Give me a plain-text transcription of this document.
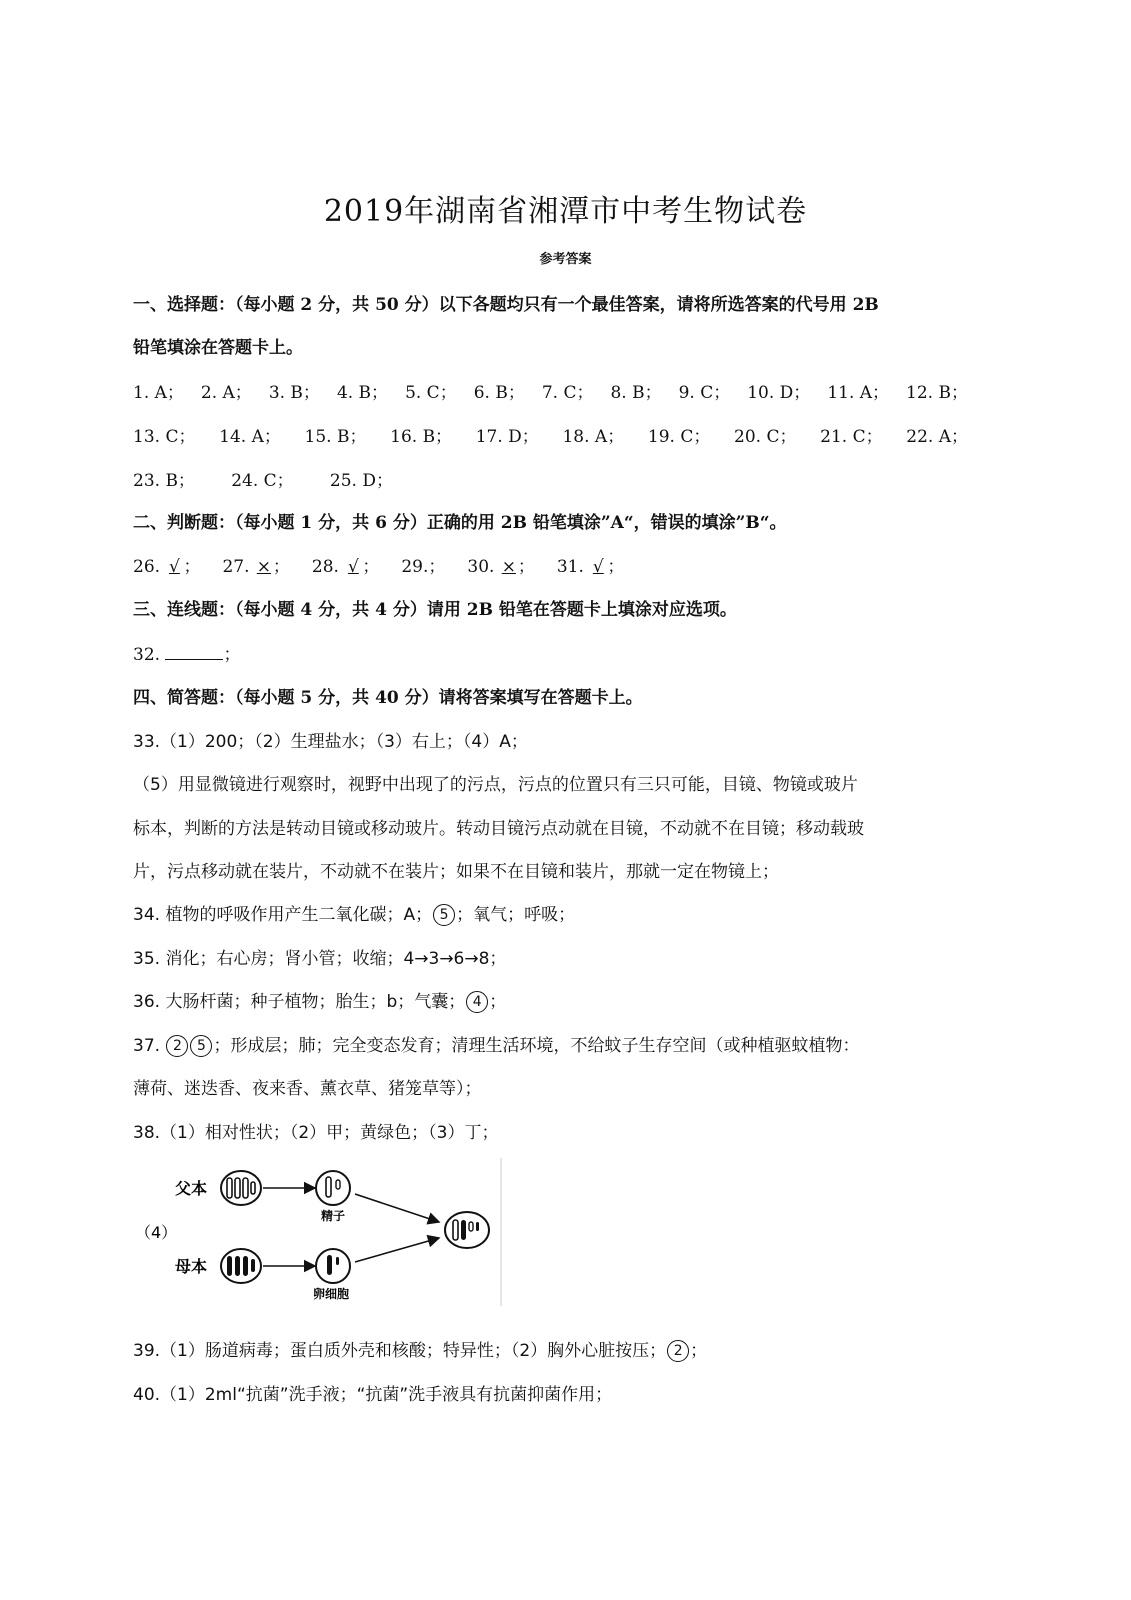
2019年湖南省湘潭市中考生物试卷

参考答案

一、选择题：（每小题 2 分，共 50 分）以下各题均只有一个最佳答案，请将所选答案的代号用 2B

铅笔填涂在答题卡上。

1. A； 2. A； 3. B； 4. B； 5. C； 6. B； 7. C； 8. B； 9. C； 10. D； 11. A； 12. B；
13. C； 14. A； 15. B； 16. B； 17. D； 18. A； 19. C； 20. C； 21. C； 22. A；
23. B； 24. C； 25. D；

二、判断题：（每小题 1 分，共 6 分）正确的用 2B 铅笔填涂”A“，错误的填涂”B“。

26. √ ； 27. × ； 28. √ ； 29.； 30. × ； 31. √ ；

三、连线题：（每小题 4 分，共 4 分）请用 2B 铅笔在答题卡上填涂对应选项。

32.	；

四、简答题：（每小题 5 分，共 40 分）请将答案填写在答题卡上。

33.（1）200；（2）生理盐水；（3）右上；（4）A；

（5）用显微镜进行观察时，视野中出现了的污点，污点的位置只有三只可能，目镜、物镜或玻片

标本，判断的方法是转动目镜或移动玻片。转动目镜污点动就在目镜，不动就不在目镜；移动载玻

片，污点移动就在装片，不动就不在装片；如果不在目镜和装片，那就一定在物镜上；

34. 植物的呼吸作用产生二氧化碳；A； 5 ；氧气；呼吸；

35. 消化；右心房；肾小管；收缩；4→3→6→8；

36. 大肠杆菌；种子植物；胎生；b；气囊； 4 ；

37. 2 5 ；形成层；肺；完全变态发育；清理生活环境，不给蚊子生存空间（或种植驱蚊植物：

薄荷、迷迭香、夜来香、薰衣草、猪笼草等）；

38.（1）相对性状；（2）甲；黄绿色；（3）丁；

（4）
父本
母本
精子
卵细胞

39.（1）肠道病毒；蛋白质外壳和核酸；特异性；（2）胸外心脏按压； 2 ；

40.（1）2ml“抗菌”洗手液；“抗菌”洗手液具有抗菌抑菌作用；
